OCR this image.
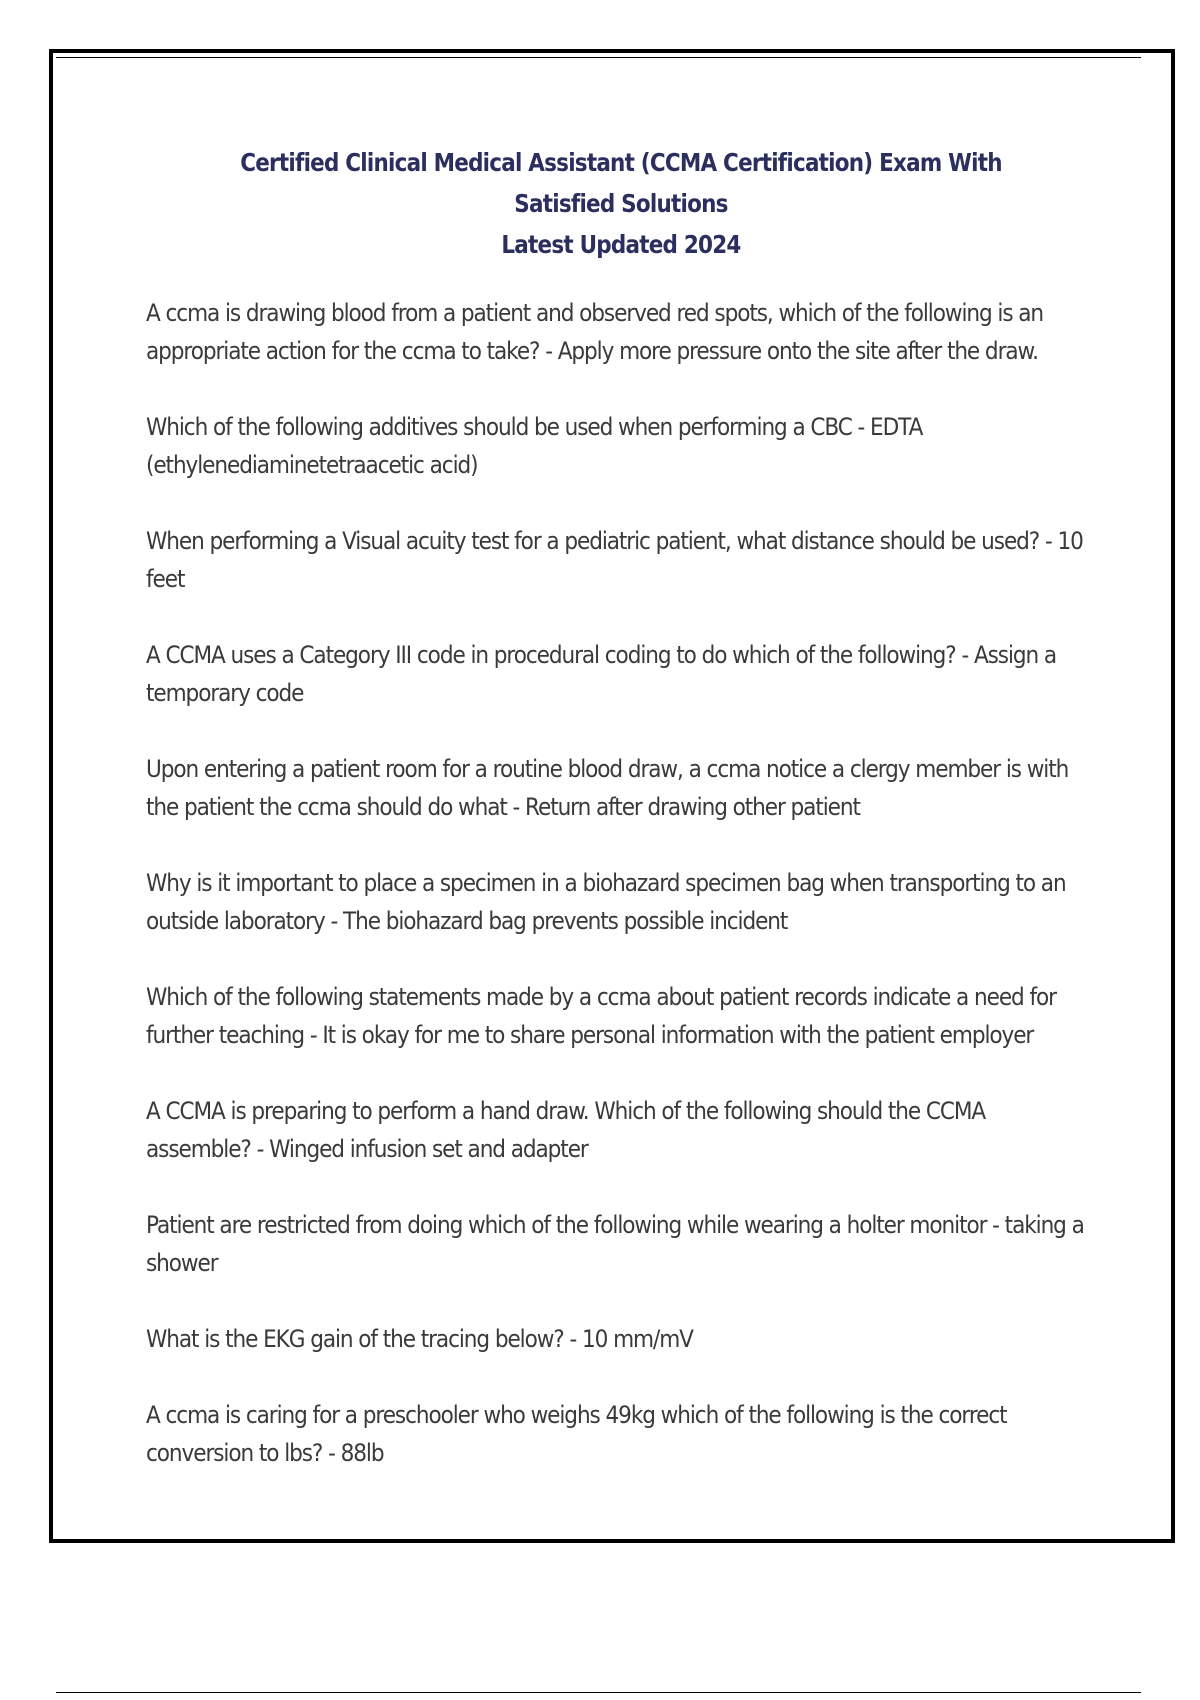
Certified Clinical Medical Assistant (CCMA Certification) Exam With Satisfied Solutions
Latest Updated 2024
A ccma is drawing blood from a patient and observed red spots, which of the following is an appropriate action for the ccma to take? - Apply more pressure onto the site after the draw.
Which of the following additives should be used when performing a CBC - EDTA (ethylenediaminetetraacetic acid)
When performing a Visual acuity test for a pediatric patient, what distance should be used? - 10 feet
A CCMA uses a Category III code in procedural coding to do which of the following? - Assign a temporary code
Upon entering a patient room for a routine blood draw, a ccma notice a clergy member is with the patient the ccma should do what - Return after drawing other patient
Why is it important to place a specimen in a biohazard specimen bag when transporting to an outside laboratory - The biohazard bag prevents possible incident
Which of the following statements made by a ccma about patient records indicate a need for further teaching - It is okay for me to share personal information with the patient employer
A CCMA is preparing to perform a hand draw. Which of the following should the CCMA assemble? - Winged infusion set and adapter
Patient are restricted from doing which of the following while wearing a holter monitor - taking a shower
What is the EKG gain of the tracing below? - 10 mm/mV
A ccma is caring for a preschooler who weighs 49kg which of the following is the correct conversion to lbs? - 88lb
